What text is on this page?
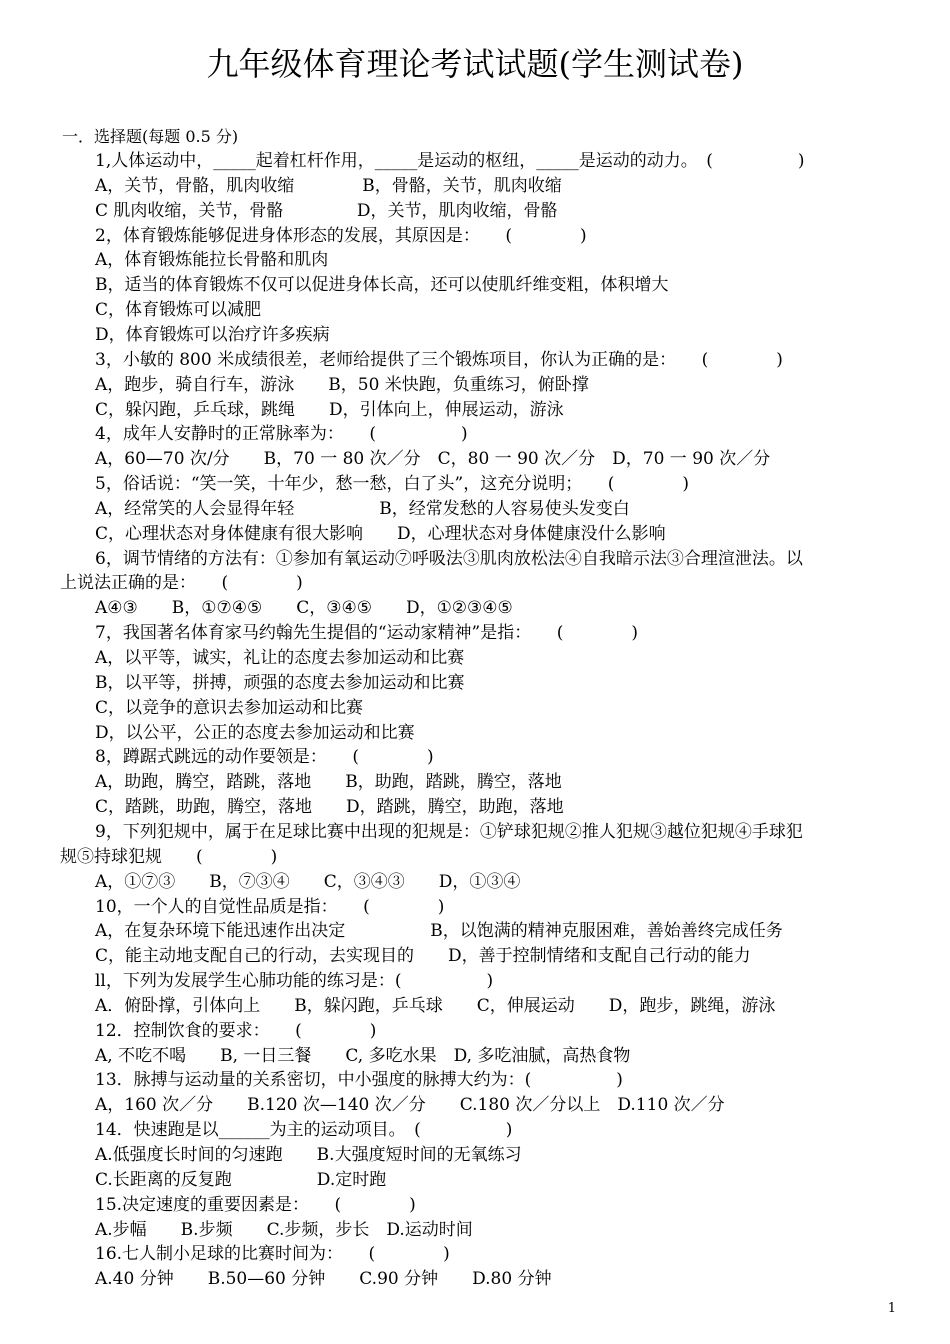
九年级体育理论考试试题(学生测试卷)
一．选择题(每题 0.5 分)
1,人体运动中，_____起着杠杆作用，_____是运动的枢纽，_____是运动的动力。　(　　　　　)
A，关节，骨骼，肌肉收缩　　　　B，骨骼，关节，肌肉收缩
C 肌肉收缩，关节，骨骼　　　　 D，关节，肌肉收缩，骨骼
2，体育锻炼能够促进身体形态的发展，其原因是：　　(　　　　)
A，体育锻炼能拉长骨骼和肌肉
B，适当的体育锻炼不仅可以促进身体长高，还可以使肌纤维变粗，体积增大
C，体育锻炼可以减肥
D，体育锻炼可以治疗许多疾病
3，小敏的 800 米成绩很差，老师给提供了三个锻炼项目，你认为正确的是：　　(　　　　)
A，跑步，骑自行车，游泳　　B，50 米快跑，负重练习，俯卧撑
C，躲闪跑，乒乓球，跳绳　　D，引体向上，伸展运动，游泳
4，成年人安静时的正常脉率为：　　(　　　　　)
A，60—70 次/分　　B，70 一 80 次／分　C，80 一 90 次／分　D，70 一 90 次／分
5，俗话说：“笑一笑，十年少，愁一愁，白了头”，这充分说明；　　(　　　　)
A，经常笑的人会显得年轻　　　　　B，经常发愁的人容易使头发变白
C，心理状态对身体健康有很大影响　　D，心理状态对身体健康没什么影响
6，调节情绪的方法有：①参加有氧运动⑦呼吸法③肌肉放松法④自我暗示法③合理渲泄法。以
上说法正确的是：　　(　　　　)
A④③　　B，①⑦④⑤　　C，③④⑤　　D，①②③④⑤
7，我国著名体育家马约翰先生提倡的“运动家精神”是指：　　(　　　　)
A，以平等，诚实，礼让的态度去参加运动和比赛
B，以平等，拼搏，顽强的态度去参加运动和比赛
C，以竞争的意识去参加运动和比赛
D，以公平，公正的态度去参加运动和比赛
8，蹲踞式跳远的动作要领是：　　(　　　　)
A，助跑，腾空，踏跳，落地　　B，助跑，踏跳，腾空，落地
C，踏跳，助跑，腾空，落地　　D，踏跳，腾空，助跑，落地
9，下列犯规中，属于在足球比赛中出现的犯规是：①铲球犯规②推人犯规③越位犯规④手球犯
规⑤持球犯规　　(　　　　)
A，①⑦③　　B，⑦③④　　C，③④③　　D，①③④
10，一个人的自觉性品质是指：　　(　　　　)
A，在复杂环境下能迅速作出决定　　　　　B，以饱满的精神克服困难，善始善终完成任务
C，能主动地支配自己的行动，去实现目的　　D，善于控制情绪和支配自己行动的能力
ll，下列为发展学生心肺功能的练习是：(　　　　　)
A．俯卧撑，引体向上　　B，躲闪跑，乒乓球　　C，伸展运动　　D，跑步，跳绳，游泳
12．控制饮食的要求：　　(　　　　)
A, 不吃不喝　　B, 一日三餐　　C, 多吃水果　D, 多吃油腻，高热食物
13．脉搏与运动量的关系密切，中小强度的脉搏大约为：(　　　　　)
A，160 次／分　　B.120 次—140 次／分　　C.180 次／分以上　D.110 次／分
14．快速跑是以______为主的运动项目。　(　　　　　)
A.低强度长时间的匀速跑　　B.大强度短时间的无氧练习
C.长距离的反复跑　　　　　D.定时跑
15.决定速度的重要因素是：　　(　　　　)
A.步幅　　B.步频　　C.步频，步长　D.运动时间
16.七人制小足球的比赛时间为：　　(　　　　)
A.40 分钟　　B.50—60 分钟　　C.90 分钟　　D.80 分钟
1
